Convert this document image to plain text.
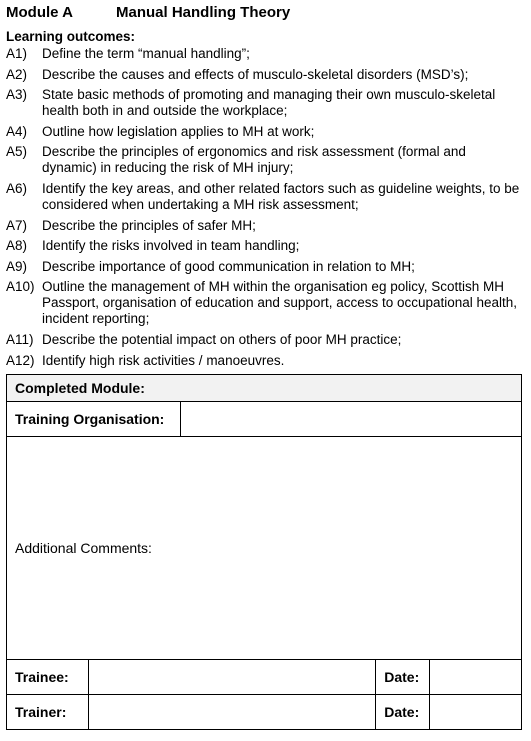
Module A	Manual Handling Theory
Learning outcomes:
A1)	Define the term “manual handling”;
A2)	Describe the causes and effects of musculo-skeletal disorders (MSD’s);
A3)	State basic methods of promoting and managing their own musculo-skeletal health both in and outside the workplace;
A4)	Outline how legislation applies to MH at work;
A5)	Describe the principles of ergonomics and risk assessment (formal and dynamic) in reducing the risk of MH injury;
A6)	Identify the key areas, and other related factors such as guideline weights, to be considered when undertaking a MH risk assessment;
A7)	Describe the principles of safer MH;
A8)	Identify the risks involved in team handling;
A9)	Describe importance of good communication in relation to MH;
A10) Outline the management of MH within the organisation eg policy, Scottish MH Passport, organisation of education and support, access to occupational health, incident reporting;
A11) Describe the potential impact on others of poor MH practice;
A12) Identify high risk activities / manoeuvres.
Completed Module:				
Training Organisation:				
Additional Comments:				
Trainee:			Date:	
Trainer:			Date:	
